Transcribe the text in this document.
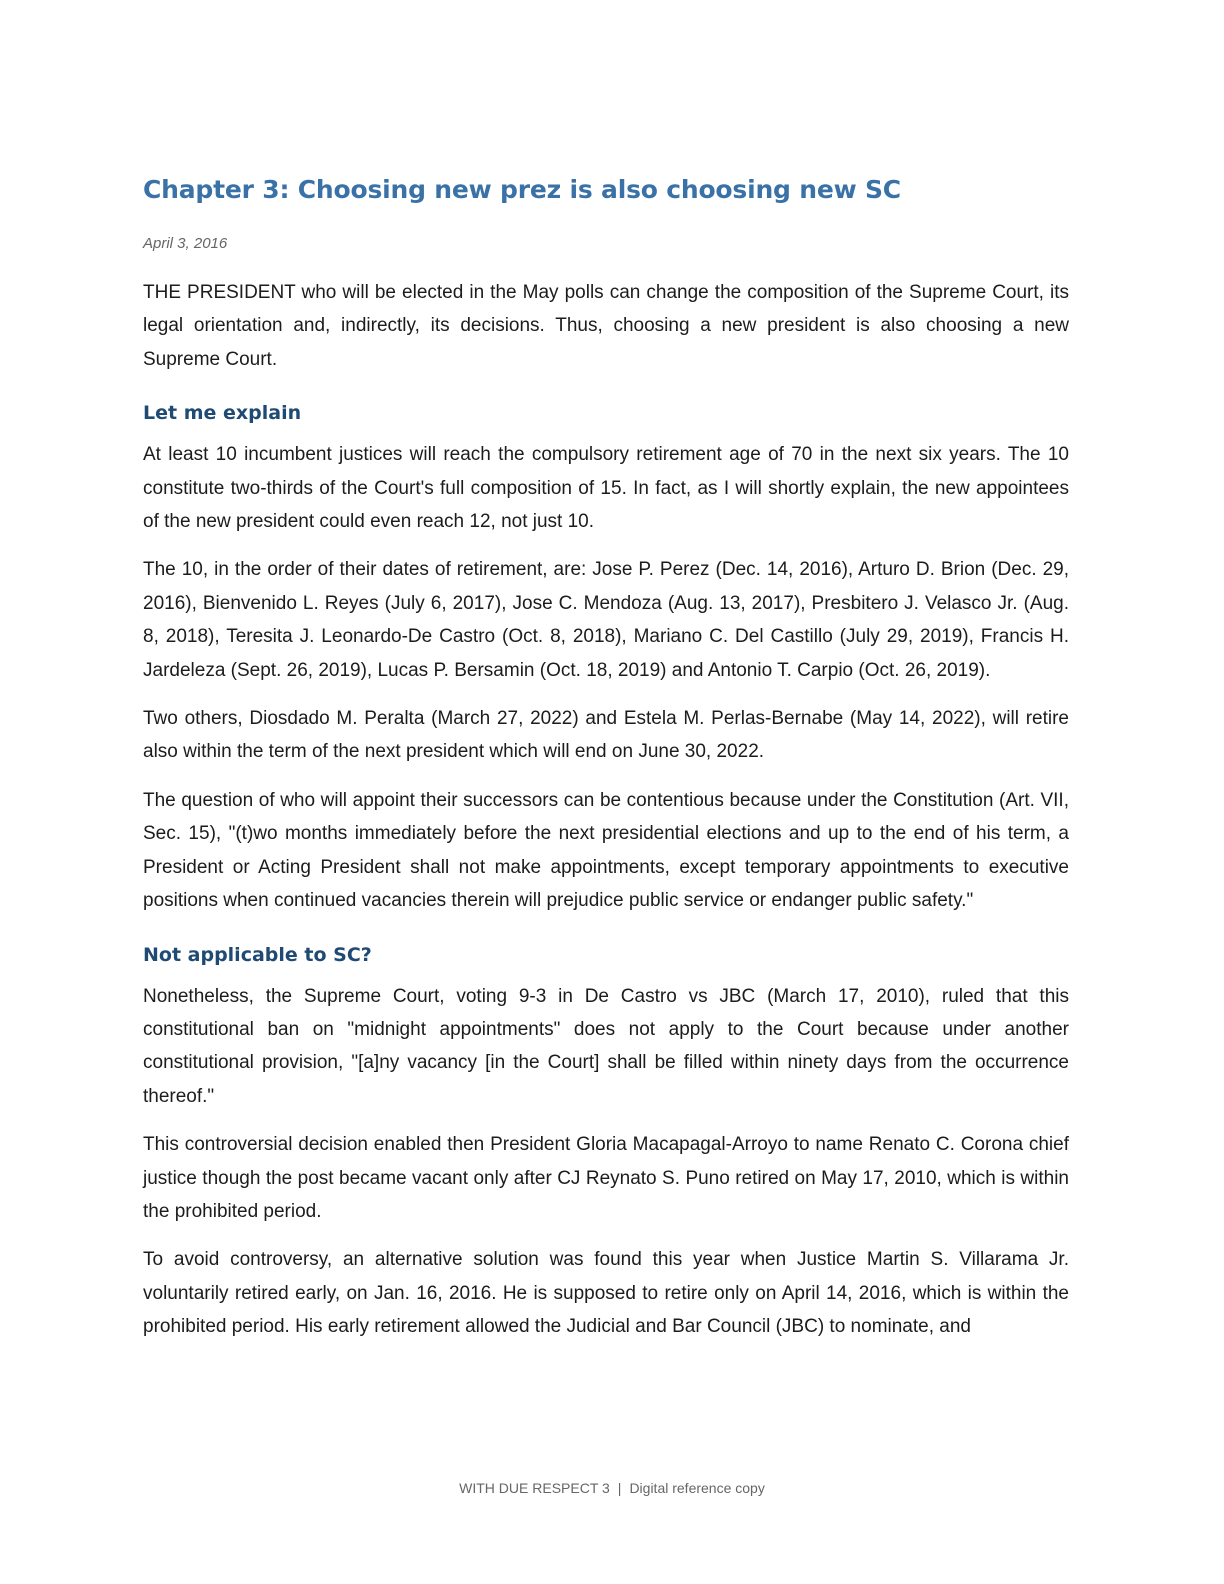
Chapter 3: Choosing new prez is also choosing new SC
April 3, 2016

THE PRESIDENT who will be elected in the May polls can change the composition of the Supreme Court, its legal orientation and, indirectly, its decisions. Thus, choosing a new president is also choosing a new Supreme Court.

Let me explain

At least 10 incumbent justices will reach the compulsory retirement age of 70 in the next six years. The 10 constitute two-thirds of the Court's full composition of 15. In fact, as I will shortly explain, the new appointees of the new president could even reach 12, not just 10.

The 10, in the order of their dates of retirement, are: Jose P. Perez (Dec. 14, 2016), Arturo D. Brion (Dec. 29, 2016), Bienvenido L. Reyes (July 6, 2017), Jose C. Mendoza (Aug. 13, 2017), Presbitero J. Velasco Jr. (Aug. 8, 2018), Teresita J. Leonardo-De Castro (Oct. 8, 2018), Mariano C. Del Castillo (July 29, 2019), Francis H. Jardeleza (Sept. 26, 2019), Lucas P. Bersamin (Oct. 18, 2019) and Antonio T. Carpio (Oct. 26, 2019).

Two others, Diosdado M. Peralta (March 27, 2022) and Estela M. Perlas-Bernabe (May 14, 2022), will retire also within the term of the next president which will end on June 30, 2022.

The question of who will appoint their successors can be contentious because under the Constitution (Art. VII, Sec. 15), "(t)wo months immediately before the next presidential elections and up to the end of his term, a President or Acting President shall not make appointments, except temporary appointments to executive positions when continued vacancies therein will prejudice public service or endanger public safety."

Not applicable to SC?

Nonetheless, the Supreme Court, voting 9-3 in De Castro vs JBC (March 17, 2010), ruled that this constitutional ban on "midnight appointments" does not apply to the Court because under another constitutional provision, "[a]ny vacancy [in the Court] shall be filled within ninety days from the occurrence thereof."

This controversial decision enabled then President Gloria Macapagal-Arroyo to name Renato C. Corona chief justice though the post became vacant only after CJ Reynato S. Puno retired on May 17, 2010, which is within the prohibited period.

To avoid controversy, an alternative solution was found this year when Justice Martin S. Villarama Jr. voluntarily retired early, on Jan. 16, 2016. He is supposed to retire only on April 14, 2016, which is within the prohibited period. His early retirement allowed the Judicial and Bar Council (JBC) to nominate, and

WITH DUE RESPECT 3 | Digital reference copy
